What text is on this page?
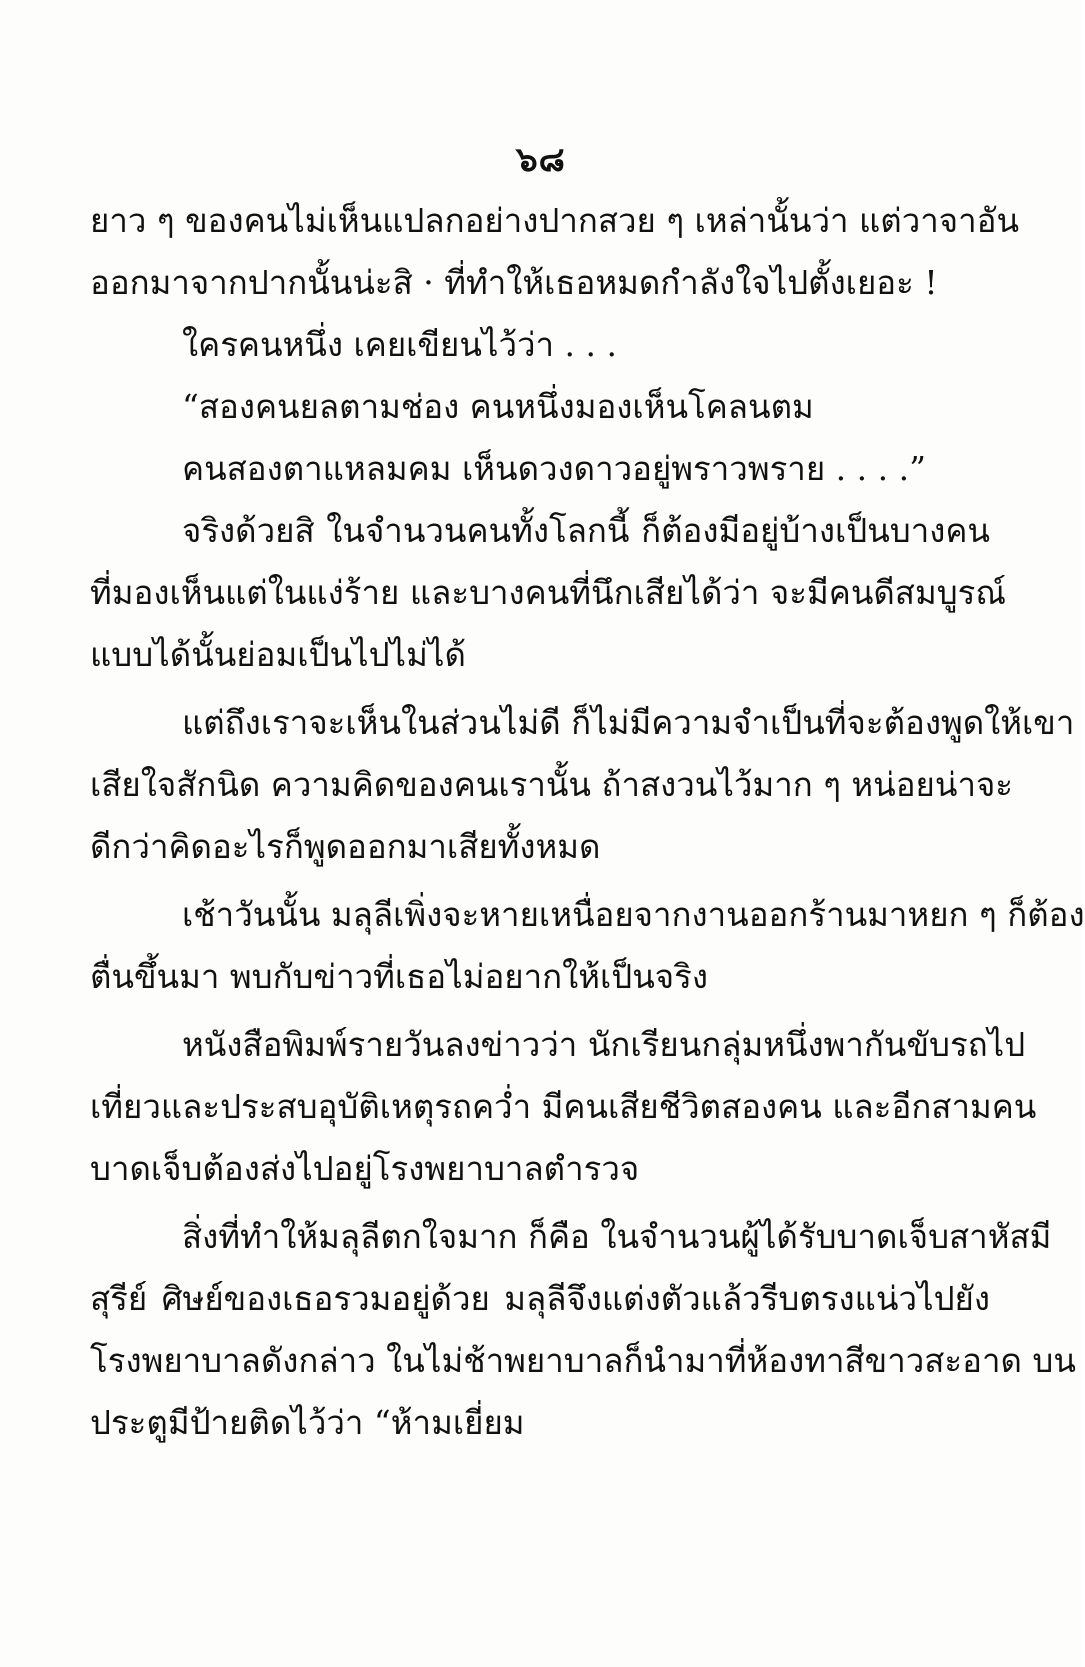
๖๘
ยาว ๆ ของคนไม่เห็นแปลกอย่างปากสวย ๆ เหล่านั้นว่า แต่วาจาอัน
ออกมาจากปากนั้นน่ะสิ · ที่ทำให้เธอหมดกำลังใจไปตั้งเยอะ !
ใครคนหนึ่ง เคยเขียนไว้ว่า . . .
“สองคนยลตามช่อง คนหนึ่งมองเห็นโคลนตม
คนสองตาแหลมคม เห็นดวงดาวอยู่พราวพราย . . . .”
จริงด้วยสิ ในจำนวนคนทั้งโลกนี้ ก็ต้องมีอยู่บ้างเป็นบางคน
ที่มองเห็นแต่ในแง่ร้าย และบางคนที่นึกเสียได้ว่า จะมีคนดีสมบูรณ์
แบบได้นั้นย่อมเป็นไปไม่ได้
แต่ถึงเราจะเห็นในส่วนไม่ดี ก็ไม่มีความจำเป็นที่จะต้องพูดให้เขา
เสียใจสักนิด ความคิดของคนเรานั้น ถ้าสงวนไว้มาก ๆ หน่อยน่าจะ
ดีกว่าคิดอะไรก็พูดออกมาเสียทั้งหมด
เช้าวันนั้น มลุลีเพิ่งจะหายเหนื่อยจากงานออกร้านมาหยก ๆ ก็ต้อง
ตื่นขึ้นมา พบกับข่าวที่เธอไม่อยากให้เป็นจริง
หนังสือพิมพ์รายวันลงข่าวว่า นักเรียนกลุ่มหนึ่งพากันขับรถไป
เที่ยวและประสบอุบัติเหตุรถคว่ำ มีคนเสียชีวิตสองคน และอีกสามคน
บาดเจ็บต้องส่งไปอยู่โรงพยาบาลตำรวจ
สิ่งที่ทำให้มลุลีตกใจมาก ก็คือ ในจำนวนผู้ได้รับบาดเจ็บสาหัสมี
สุรีย์ ศิษย์ของเธอรวมอยู่ด้วย มลุลีจึงแต่งตัวแล้วรีบตรงแน่วไปยัง
โรงพยาบาลดังกล่าว ในไม่ช้าพยาบาลก็นำมาที่ห้องทาสีขาวสะอาด บน
ประตูมีป้ายติดไว้ว่า “ห้ามเยี่ยม
